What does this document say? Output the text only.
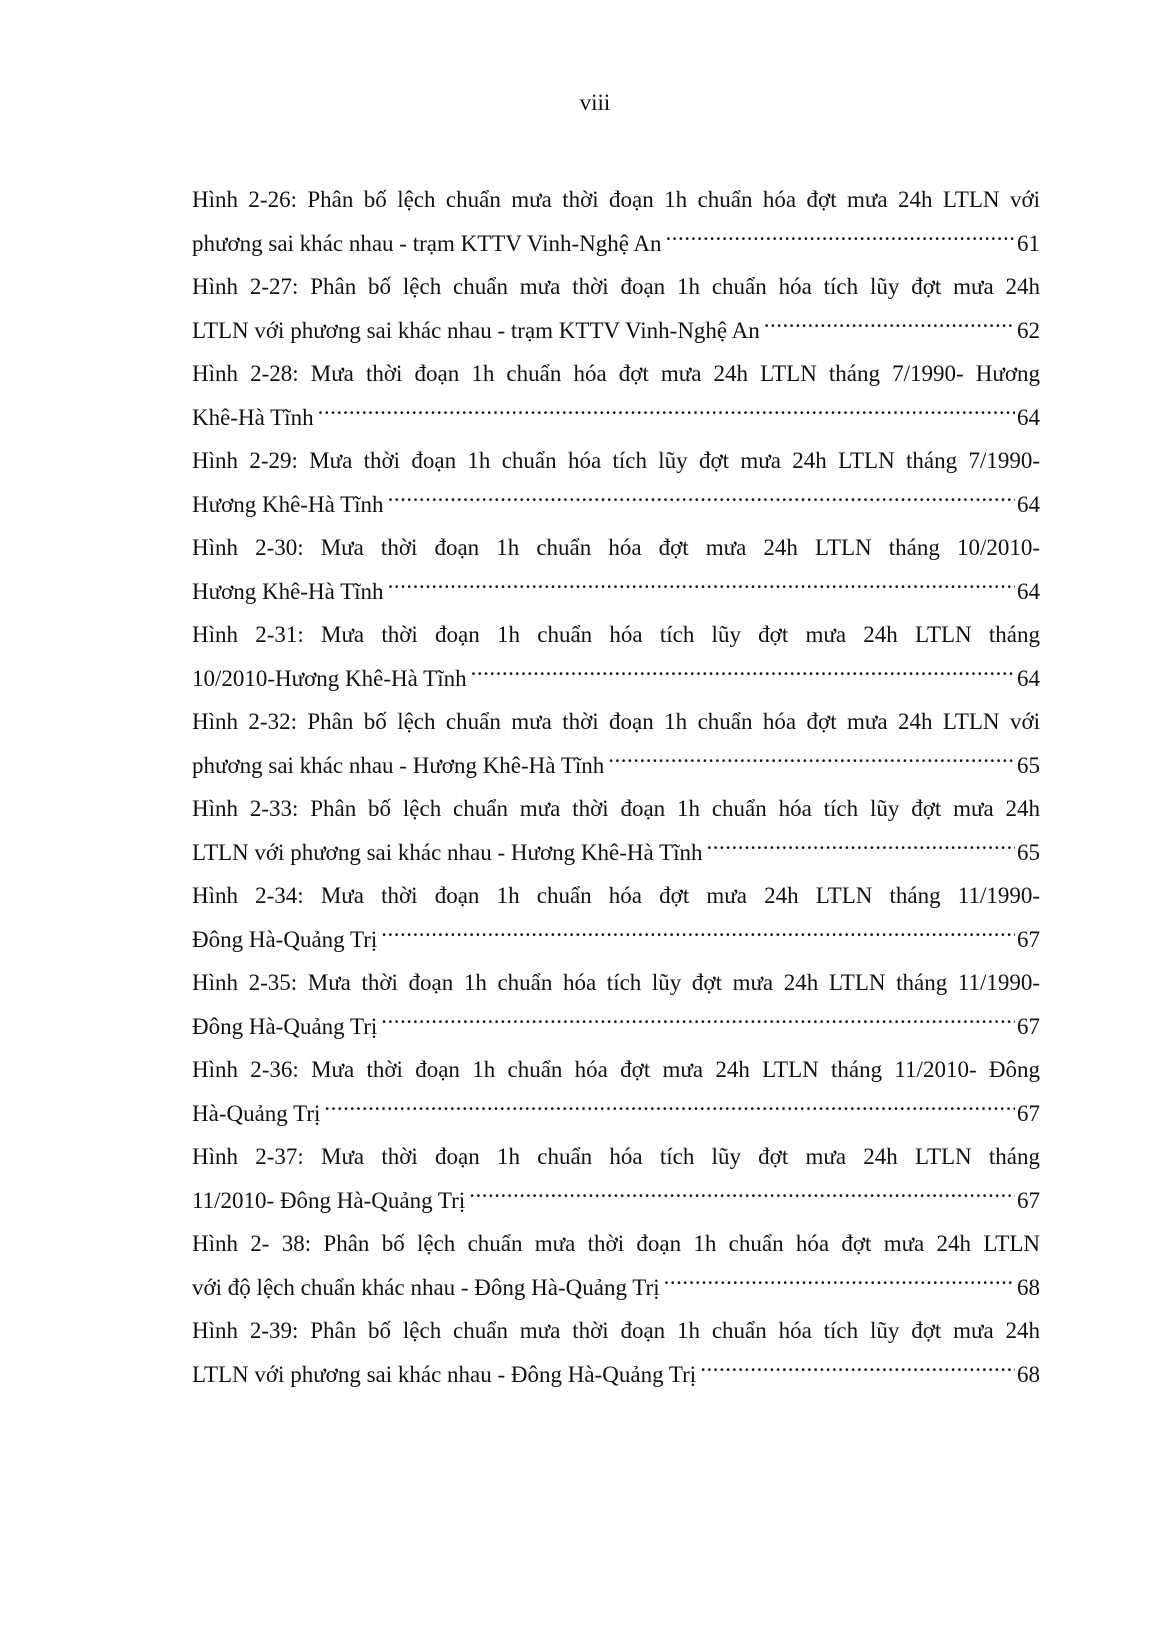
viii
Hình 2-26: Phân bố lệch chuẩn mưa thời đoạn 1h chuẩn hóa đợt mưa 24h LTLN với
phương sai khác nhau - trạm KTTV Vinh-Nghệ An .....	61
Hình 2-27: Phân bố lệch chuẩn mưa thời đoạn 1h chuẩn hóa tích lũy đợt mưa 24h
LTLN với phương sai khác nhau - trạm KTTV Vinh-Nghệ An .....	62
Hình 2-28: Mưa thời đoạn 1h chuẩn hóa đợt mưa 24h LTLN tháng 7/1990- Hương
Khê-Hà Tĩnh .....	64
Hình 2-29: Mưa thời đoạn 1h chuẩn hóa tích lũy đợt mưa 24h LTLN tháng 7/1990-
Hương Khê-Hà Tĩnh .....	64
Hình 2-30: Mưa thời đoạn 1h chuẩn hóa đợt mưa 24h LTLN tháng 10/2010-
Hương Khê-Hà Tĩnh .....	64
Hình 2-31: Mưa thời đoạn 1h chuẩn hóa tích lũy đợt mưa 24h LTLN tháng
10/2010-Hương Khê-Hà Tĩnh .....	64
Hình 2-32: Phân bố lệch chuẩn mưa thời đoạn 1h chuẩn hóa đợt mưa 24h LTLN với
phương sai khác nhau - Hương Khê-Hà Tĩnh .....	65
Hình 2-33: Phân bố lệch chuẩn mưa thời đoạn 1h chuẩn hóa tích lũy đợt mưa 24h
LTLN với phương sai khác nhau - Hương Khê-Hà Tĩnh .....	65
Hình 2-34: Mưa thời đoạn 1h chuẩn hóa đợt mưa 24h LTLN tháng 11/1990-
Đông Hà-Quảng Trị .....	67
Hình 2-35: Mưa thời đoạn 1h chuẩn hóa tích lũy đợt mưa 24h LTLN tháng 11/1990-
Đông Hà-Quảng Trị .....	67
Hình 2-36: Mưa thời đoạn 1h chuẩn hóa đợt mưa 24h LTLN tháng 11/2010- Đông
Hà-Quảng Trị .....	67
Hình 2-37: Mưa thời đoạn 1h chuẩn hóa tích lũy đợt mưa 24h LTLN tháng
11/2010- Đông Hà-Quảng Trị .....	67
Hình 2- 38: Phân bố lệch chuẩn mưa thời đoạn 1h chuẩn hóa đợt mưa 24h LTLN
với độ lệch chuẩn khác nhau - Đông Hà-Quảng Trị .....	68
Hình 2-39: Phân bố lệch chuẩn mưa thời đoạn 1h chuẩn hóa tích lũy đợt mưa 24h
LTLN với phương sai khác nhau - Đông Hà-Quảng Trị .....	68
